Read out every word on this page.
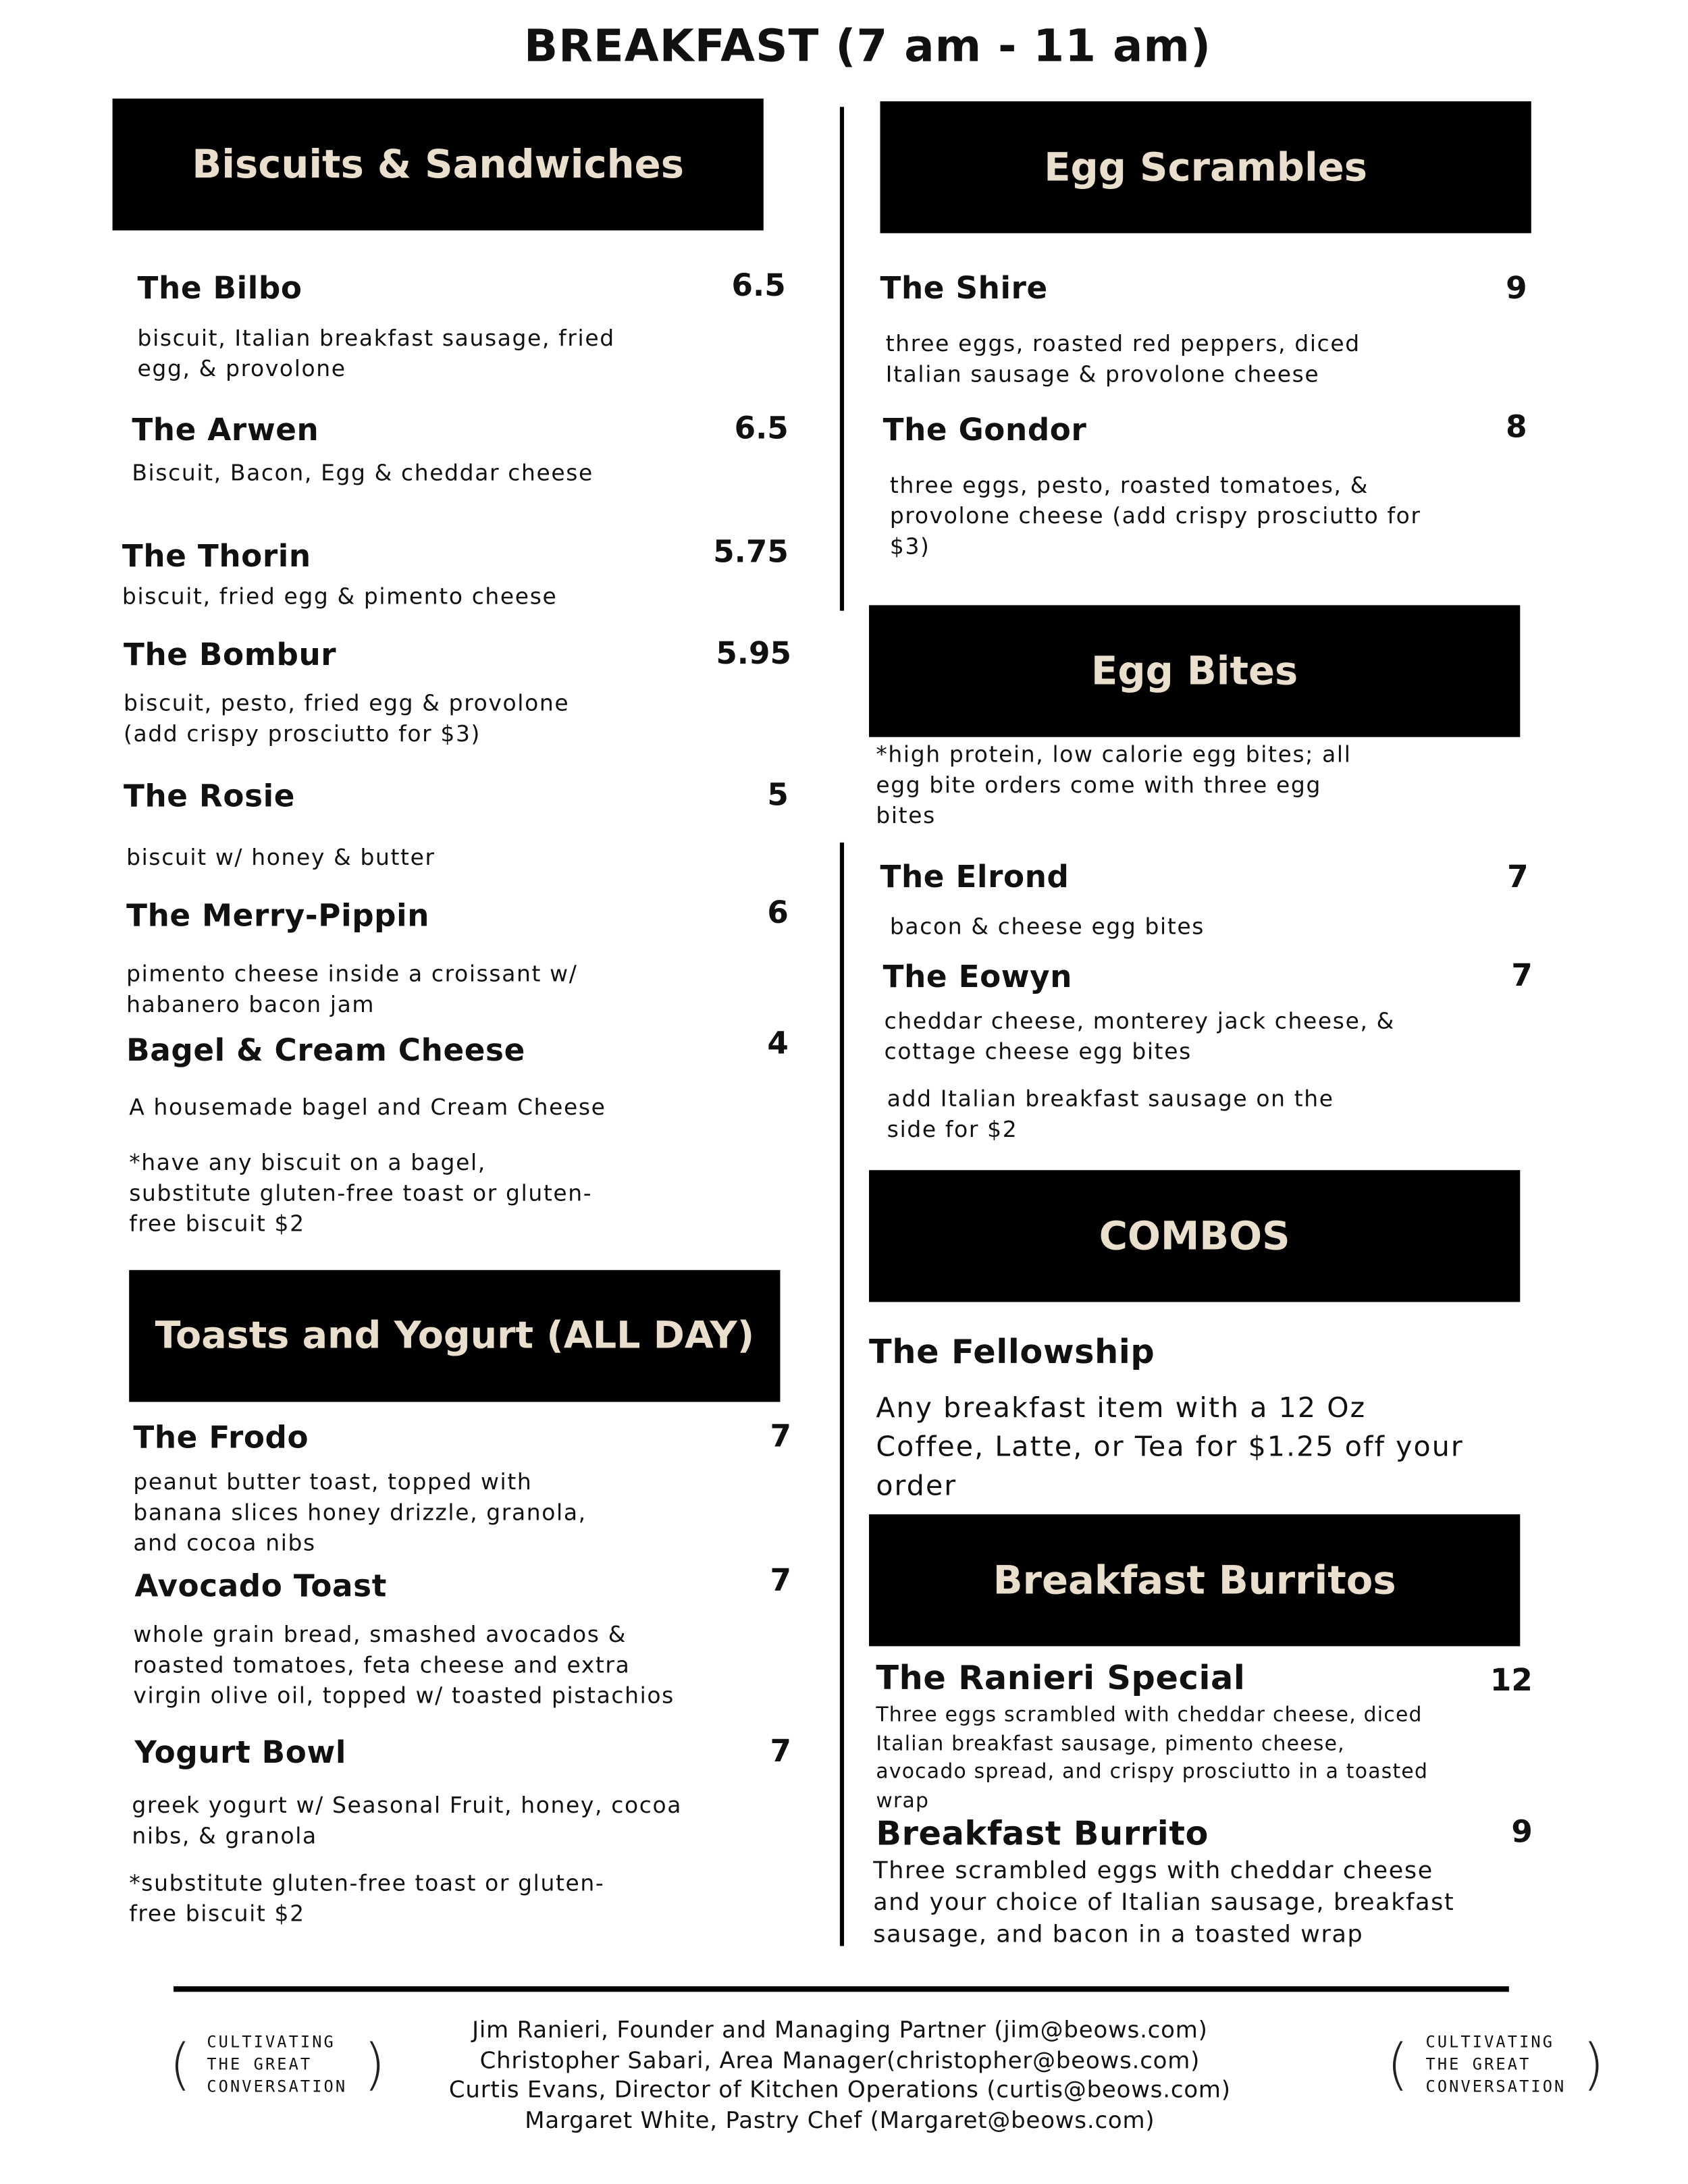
BREAKFAST (7 am - 11 am)
Biscuits & Sandwiches	Egg Scrambles
Egg Bites
COMBOS
Toasts and Yogurt (ALL DAY)
Breakfast Burritos
The Bilbo	6.5
biscuit, Italian breakfast sausage, fried
egg, & provolone
The Arwen	6.5
Biscuit, Bacon, Egg & cheddar cheese
The Thorin	5.75
biscuit, fried egg & pimento cheese
The Bombur	5.95
biscuit, pesto, fried egg & provolone
(add crispy prosciutto for $3)
The Rosie	5
biscuit w/ honey & butter
The Merry-Pippin	6
pimento cheese inside a croissant w/
habanero bacon jam
Bagel & Cream Cheese	4
A housemade bagel and Cream Cheese
*have any biscuit on a bagel,
substitute gluten-free toast or gluten-
free biscuit $2
The Frodo	7
peanut butter toast, topped with
banana slices honey drizzle, granola,
and cocoa nibs
Avocado Toast	7
whole grain bread, smashed avocados &
roasted tomatoes, feta cheese and extra
virgin olive oil, topped w/ toasted pistachios
Yogurt Bowl	7
greek yogurt w/ Seasonal Fruit, honey, cocoa
nibs, & granola
*substitute gluten-free toast or gluten-
free biscuit $2
The Shire	9
three eggs, roasted red peppers, diced
Italian sausage & provolone cheese
The Gondor	8
three eggs, pesto, roasted tomatoes, &
provolone cheese (add crispy prosciutto for
$3)
*high protein, low calorie egg bites; all
egg bite orders come with three egg
bites
The Elrond	7
bacon & cheese egg bites
The Eowyn	7
cheddar cheese, monterey jack cheese, &
cottage cheese egg bites
add Italian breakfast sausage on the
side for $2
The Fellowship
Any breakfast item with a 12 Oz
Coffee, Latte, or Tea for $1.25 off your
order
The Ranieri Special	12
Three eggs scrambled with cheddar cheese, diced
Italian breakfast sausage, pimento cheese,
avocado spread, and crispy prosciutto in a toasted
wrap
Breakfast Burrito	9
Three scrambled eggs with cheddar cheese
and your choice of Italian sausage, breakfast
sausage, and bacon in a toasted wrap
( CULTIVATING
THE GREAT
CONVERSATION )
Jim Ranieri, Founder and Managing Partner (jim@beows.com)
Christopher Sabari, Area Manager(christopher@beows.com)
Curtis Evans, Director of Kitchen Operations (curtis@beows.com)
Margaret White, Pastry Chef (Margaret@beows.com)
( CULTIVATING
THE GREAT
CONVERSATION )
